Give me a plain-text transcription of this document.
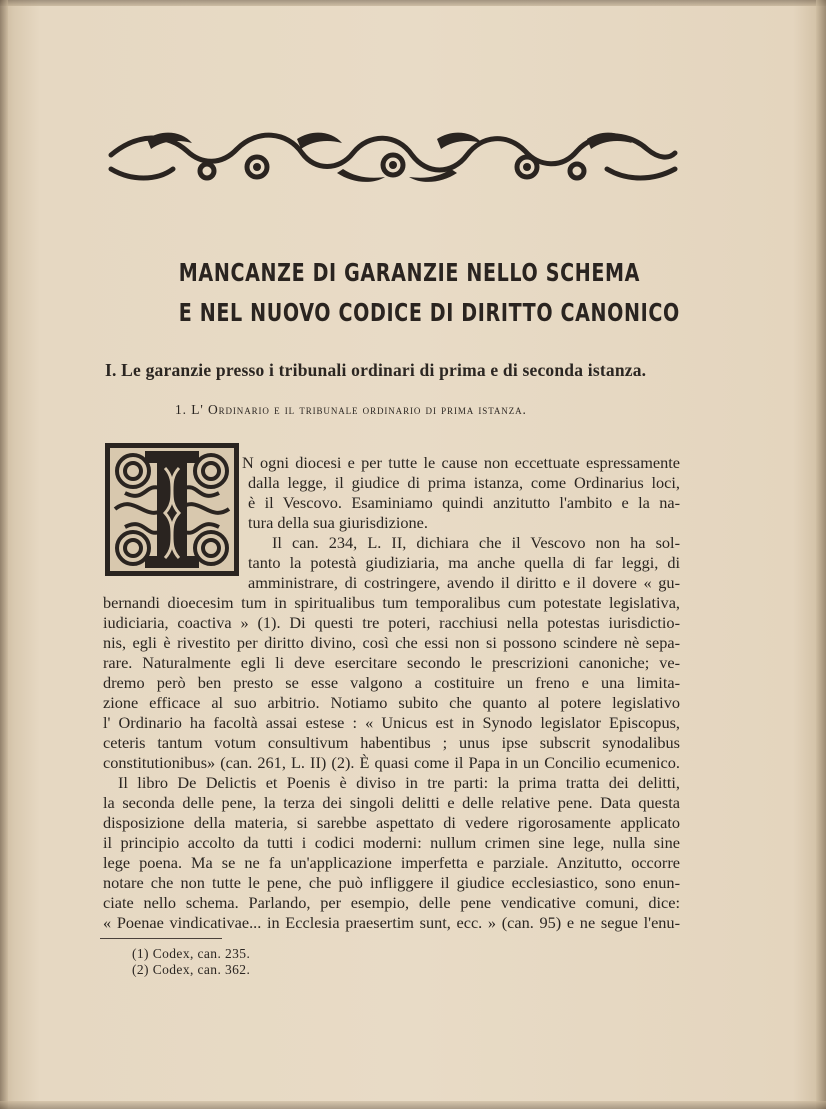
MANCANZE DI GARANZIE NELLO SCHEMA
E NEL NUOVO CODICE DI DIRITTO CANONICO
I. Le garanzie presso i tribunali ordinari di prima e di seconda istanza.
1. L' Ordinario e il tribunale ordinario di prima istanza.
N ogni diocesi e per tutte le cause non eccettuate espressamente
dalla legge, il giudice di prima istanza, come Ordinarius loci,
è il Vescovo. Esaminiamo quindi anzitutto l'ambito e la na-
tura della sua giurisdizione.
Il can. 234, L. II, dichiara che il Vescovo non ha sol-
tanto la potestà giudiziaria, ma anche quella di far leggi, di
amministrare, di costringere, avendo il diritto e il dovere « gu-
bernandi dioecesim tum in spiritualibus tum temporalibus cum potestate legislativa,
iudiciaria, coactiva » (1). Di questi tre poteri, racchiusi nella potestas iurisdictio-
nis, egli è rivestito per diritto divino, così che essi non si possono scindere nè sepa-
rare. Naturalmente egli li deve esercitare secondo le prescrizioni canoniche; ve-
dremo però ben presto se esse valgono a costituire un freno e una limita-
zione efficace al suo arbitrio. Notiamo subito che quanto al potere legislativo
l' Ordinario ha facoltà assai estese : « Unicus est in Synodo legislator Episcopus,
ceteris tantum votum consultivum habentibus ; unus ipse subscrit synodalibus
constitutionibus» (can. 261, L. II) (2). È quasi come il Papa in un Concilio ecumenico.
Il libro De Delictis et Poenis è diviso in tre parti: la prima tratta dei delitti,
la seconda delle pene, la terza dei singoli delitti e delle relative pene. Data questa
disposizione della materia, si sarebbe aspettato di vedere rigorosamente applicato
il principio accolto da tutti i codici moderni: nullum crimen sine lege, nulla sine
lege poena. Ma se ne fa un'applicazione imperfetta e parziale. Anzitutto, occorre
notare che non tutte le pene, che può infliggere il giudice ecclesiastico, sono enun-
ciate nello schema. Parlando, per esempio, delle pene vendicative comuni, dice:
« Poenae vindicativae... in Ecclesia praesertim sunt, ecc. » (can. 95) e ne segue l'enu-
(1) Codex, can. 235.
(2) Codex, can. 362.
